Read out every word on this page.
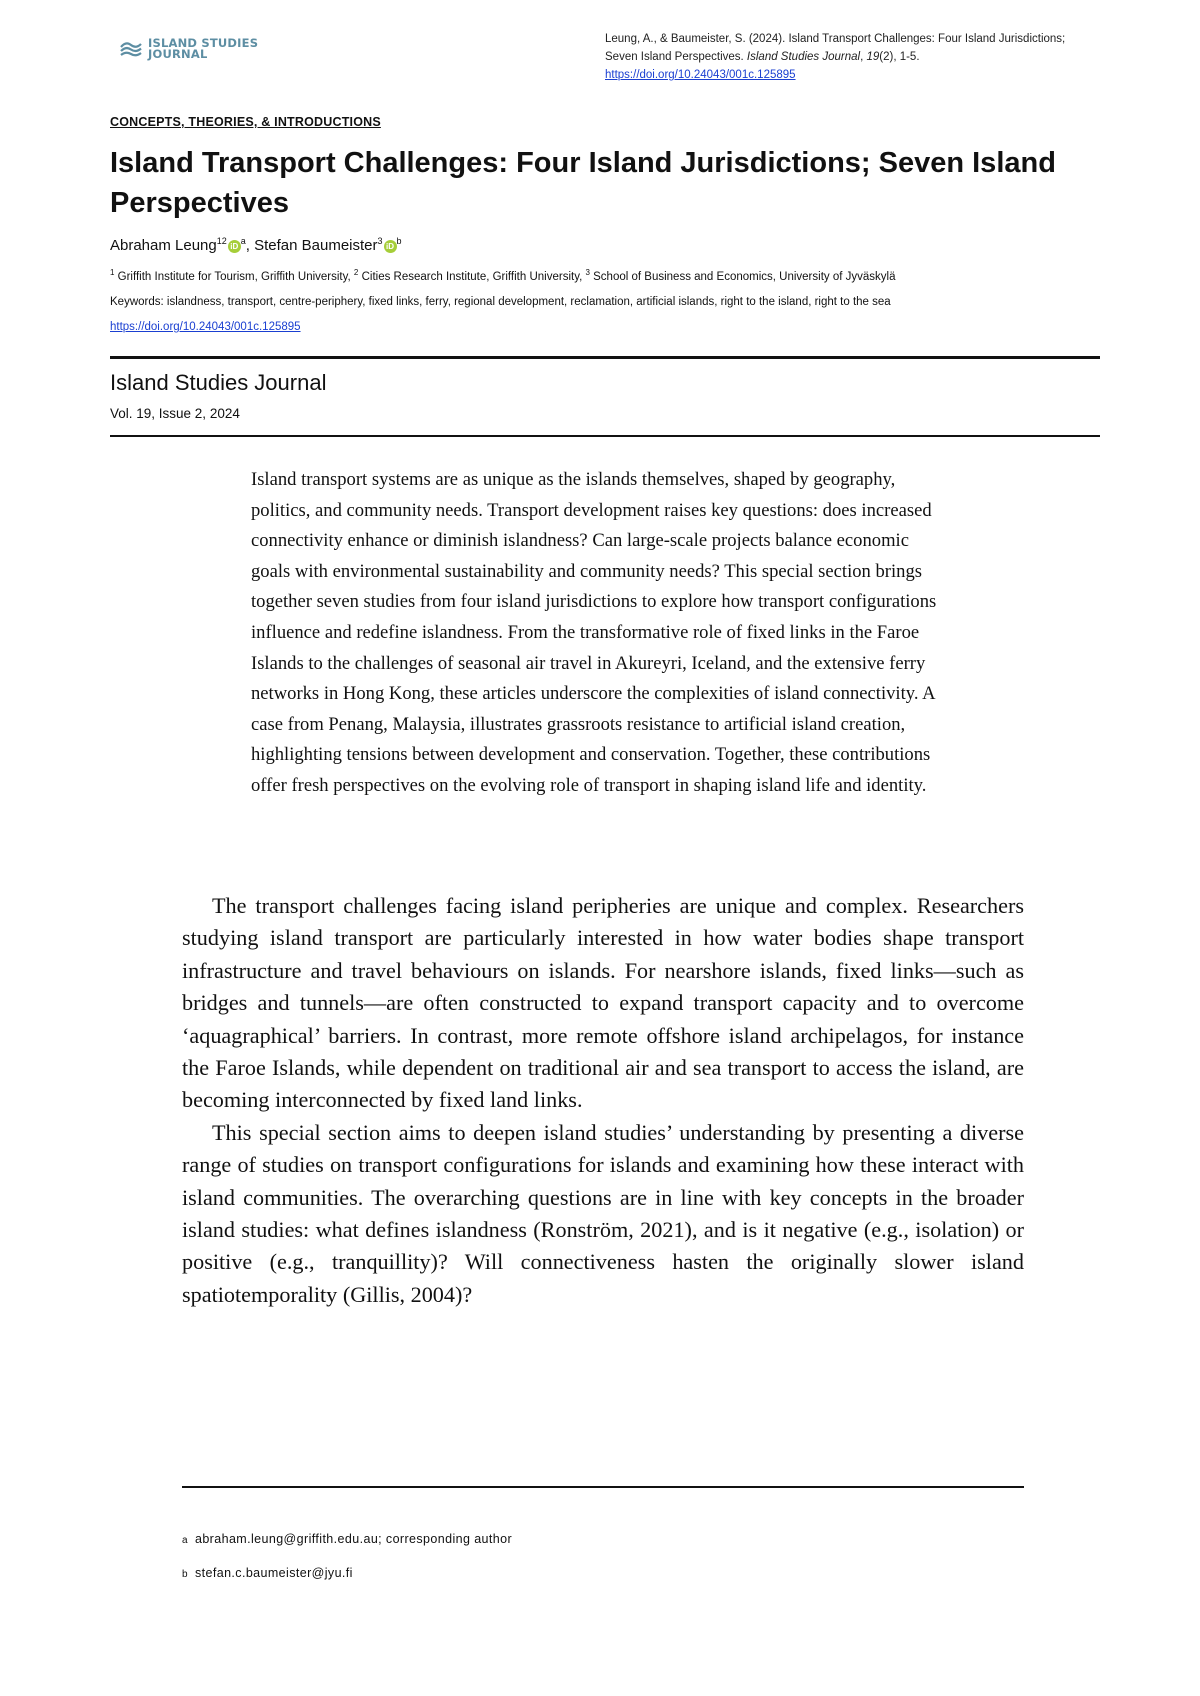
ISLAND STUDIES
JOURNAL
Leung, A., & Baumeister, S. (2024). Island Transport Challenges: Four Island Jurisdictions; Seven Island Perspectives. Island Studies Journal, 19(2), 1-5.
https://doi.org/10.24043/001c.125895
CONCEPTS, THEORIES, & INTRODUCTIONS
Island Transport Challenges: Four Island Jurisdictions; Seven Island Perspectives
Abraham $Leung^{12}iD^a$, Stefan $Baumeister^3iD^b$
$^1$ Griffith Institute for Tourism, Griffith University, $^2$ Cities Research Institute, Griffith University, $^3$ School of Business and Economics, University of Jyväskylä
Keywords: islandness, transport, centre-periphery, fixed links, ferry, regional development, reclamation, artificial islands, right to the island, right to the sea
https://doi.org/10.24043/001c.125895
Island Studies Journal
Vol. 19, Issue 2, 2024

Island transport systems are as unique as the islands themselves, shaped by geography, politics, and community needs. Transport development raises key questions: does increased connectivity enhance or diminish islandness? Can large-scale projects balance economic goals with environmental sustainability and community needs? This special section brings together seven studies from four island jurisdictions to explore how transport configurations influence and redefine islandness. From the transformative role of fixed links in the Faroe Islands to the challenges of seasonal air travel in Akureyri, Iceland, and the extensive ferry networks in Hong Kong, these articles underscore the complexities of island connectivity. A case from Penang, Malaysia, illustrates grassroots resistance to artificial island creation, highlighting tensions between development and conservation. Together, these contributions offer fresh perspectives on the evolving role of transport in shaping island life and identity.

The transport challenges facing island peripheries are unique and complex. Researchers studying island transport are particularly interested in how water bodies shape transport infrastructure and travel behaviours on islands. For nearshore islands, fixed links—such as bridges and tunnels—are often constructed to expand transport capacity and to overcome ‘aquagraphical’ barriers. In contrast, more remote offshore island archipelagos, for instance the Faroe Islands, while dependent on traditional air and sea transport to access the island, are becoming interconnected by fixed land links.

This special section aims to deepen island studies’ understanding by presenting a diverse range of studies on transport configurations for islands and examining how these interact with island communities. The overarching questions are in line with key concepts in the broader island studies: what defines islandness (Ronström, 2021), and is it negative (e.g., isolation) or positive (e.g., tranquillity)? Will connectiveness hasten the originally slower island spatiotemporality (Gillis, 2004)?

a abraham.leung@griffith.edu.au; corresponding author
b stefan.c.baumeister@jyu.fi
